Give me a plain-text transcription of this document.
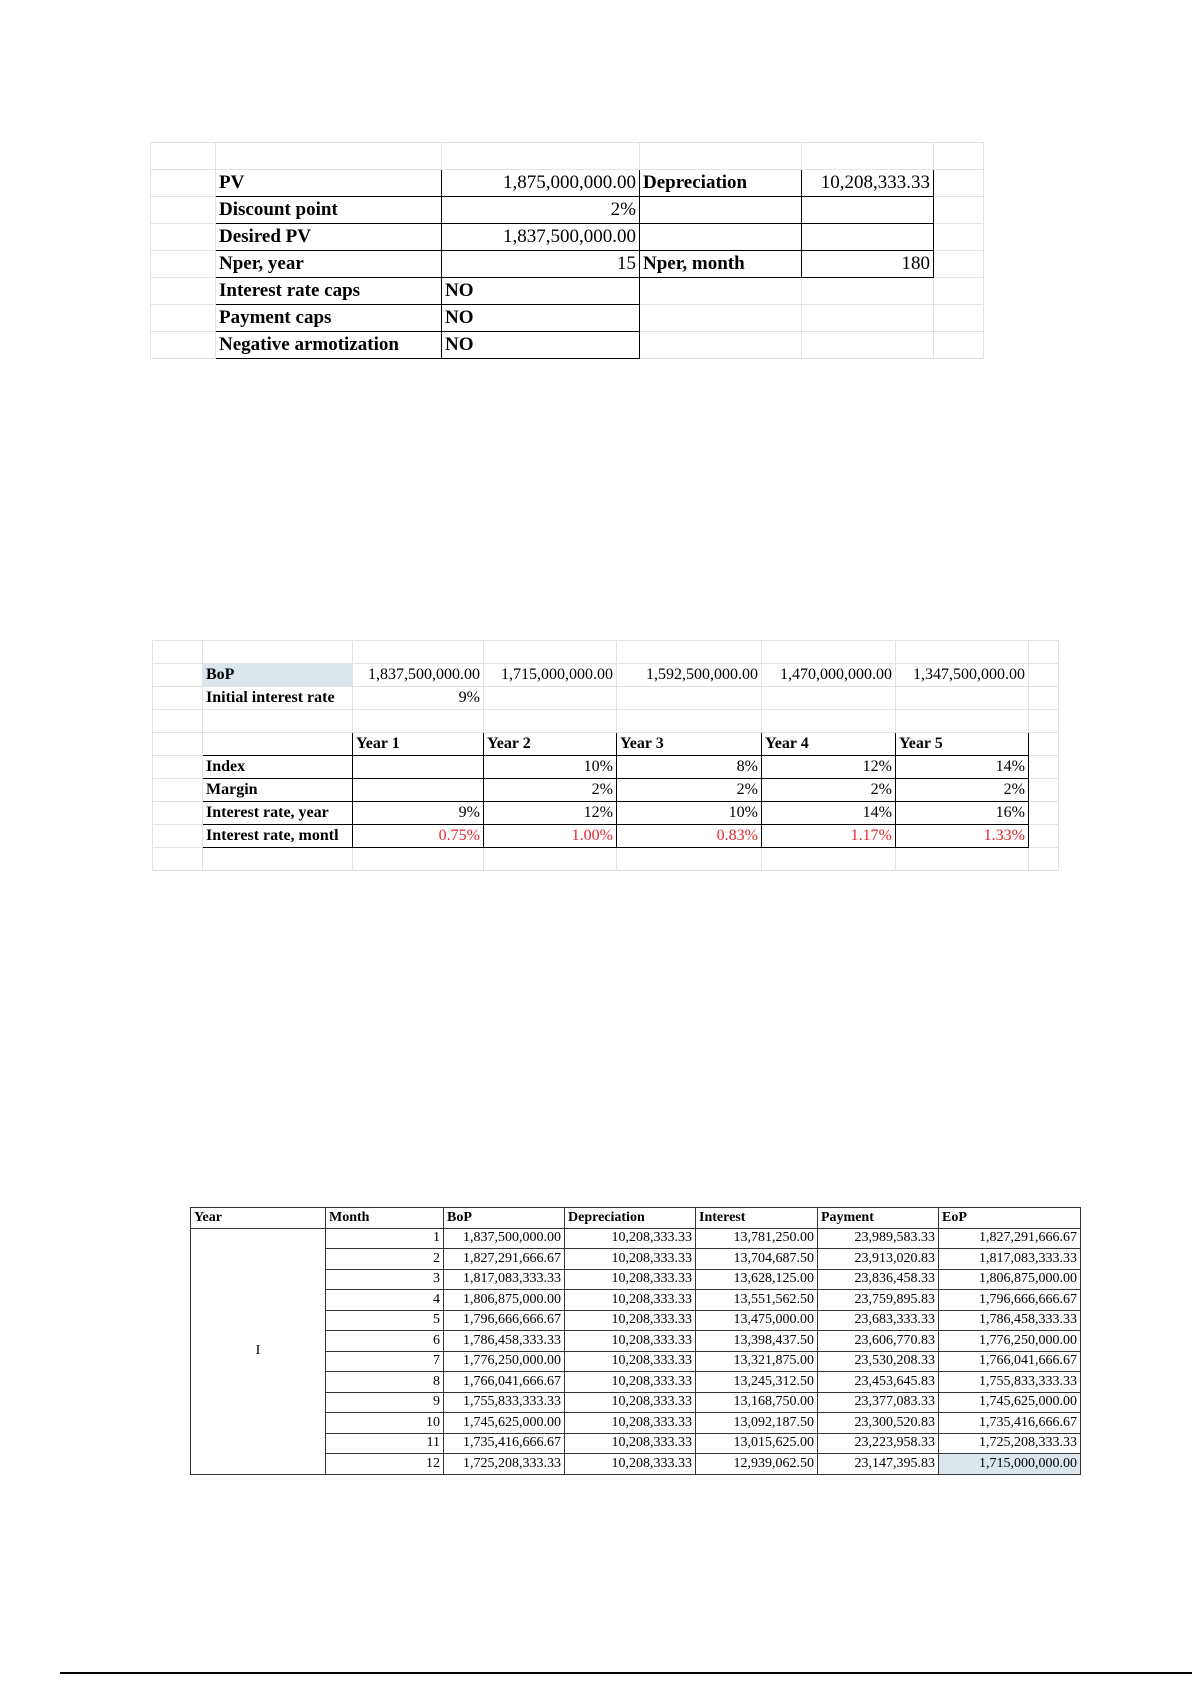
	PV	1,875,000,000.00	Depreciation	10,208,333.33	
	Discount point	2%			
	Desired PV	1,837,500,000.00			
	Nper, year	15	Nper, month	180	
	Interest rate caps	NO			
	Payment caps	NO			
	Negative armotization	NO			

	BoP	1,837,500,000.00	1,715,000,000.00	1,592,500,000.00	1,470,000,000.00	1,347,500,000.00	
	Initial interest rate	9%					

		Year 1	Year 2	Year 3	Year 4	Year 5	
	Index		10%	8%	12%	14%	
	Margin		2%	2%	2%	2%	
	Interest rate, year	9%	12%	10%	14%	16%	
	Interest rate, montl	0.75%	1.00%	0.83%	1.17%	1.33%	

Year	Month	BoP	Depreciation	Interest	Payment	EoP
I	1	1,837,500,000.00	10,208,333.33	13,781,250.00	23,989,583.33	1,827,291,666.67
	2	1,827,291,666.67	10,208,333.33	13,704,687.50	23,913,020.83	1,817,083,333.33
	3	1,817,083,333.33	10,208,333.33	13,628,125.00	23,836,458.33	1,806,875,000.00
	4	1,806,875,000.00	10,208,333.33	13,551,562.50	23,759,895.83	1,796,666,666.67
	5	1,796,666,666.67	10,208,333.33	13,475,000.00	23,683,333.33	1,786,458,333.33
	6	1,786,458,333.33	10,208,333.33	13,398,437.50	23,606,770.83	1,776,250,000.00
	7	1,776,250,000.00	10,208,333.33	13,321,875.00	23,530,208.33	1,766,041,666.67
	8	1,766,041,666.67	10,208,333.33	13,245,312.50	23,453,645.83	1,755,833,333.33
	9	1,755,833,333.33	10,208,333.33	13,168,750.00	23,377,083.33	1,745,625,000.00
	10	1,745,625,000.00	10,208,333.33	13,092,187.50	23,300,520.83	1,735,416,666.67
	11	1,735,416,666.67	10,208,333.33	13,015,625.00	23,223,958.33	1,725,208,333.33
	12	1,725,208,333.33	10,208,333.33	12,939,062.50	23,147,395.83	1,715,000,000.00
